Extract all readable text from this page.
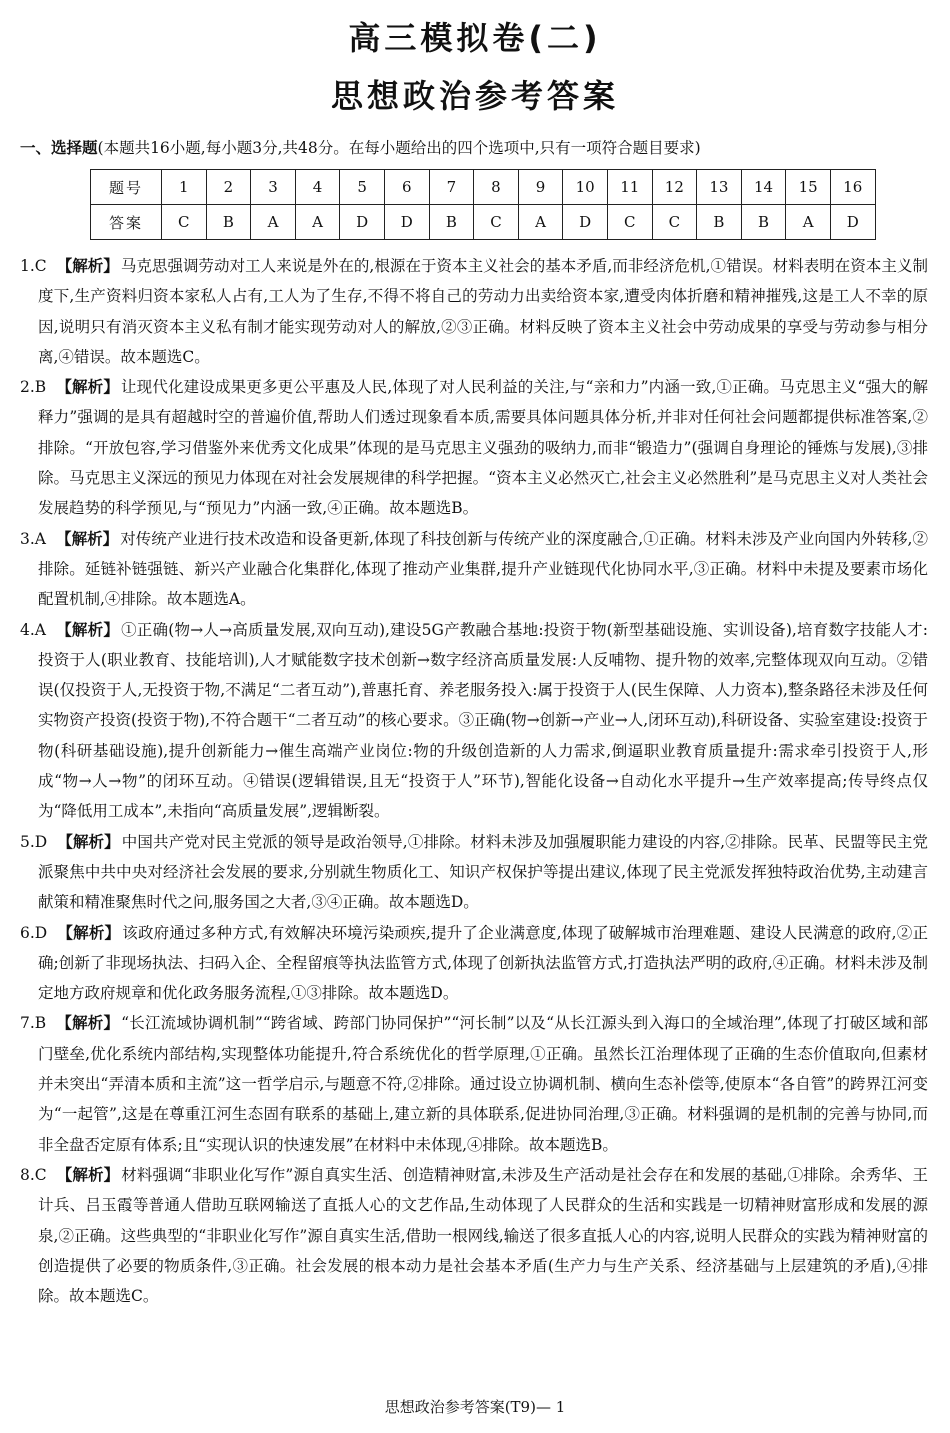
高三模拟卷(二)
思想政治参考答案
一、选择题(本题共16小题,每小题3分,共48分。在每小题给出的四个选项中,只有一项符合题目要求)
题号	1	2	3	4	5	6	7	8	9	10	11	12	13	14	15	16
答案	C	B	A	A	D	D	B	C	A	D	C	C	B	B	A	D

1.C 【解析】 马克思强调劳动对工人来说是外在的,根源在于资本主义社会的基本矛盾,而非经济危机,①错误。材料表明在资本主义制度下,生产资料归资本家私人占有,工人为了生存,不得不将自己的劳动力出卖给资本家,遭受肉体折磨和精神摧残,这是工人不幸的原因,说明只有消灭资本主义私有制才能实现劳动对人的解放,②③正确。材料反映了资本主义社会中劳动成果的享受与劳动参与相分离,④错误。故本题选C。

2.B 【解析】 让现代化建设成果更多更公平惠及人民,体现了对人民利益的关注,与“亲和力”内涵一致,①正确。马克思主义“强大的解释力”强调的是具有超越时空的普遍价值,帮助人们透过现象看本质,需要具体问题具体分析,并非对任何社会问题都提供标准答案,②排除。“开放包容,学习借鉴外来优秀文化成果”体现的是马克思主义强劲的吸纳力,而非“锻造力”(强调自身理论的锤炼与发展),③排除。马克思主义深远的预见力体现在对社会发展规律的科学把握。“资本主义必然灭亡,社会主义必然胜利”是马克思主义对人类社会发展趋势的科学预见,与“预见力”内涵一致,④正确。故本题选B。

3.A 【解析】 对传统产业进行技术改造和设备更新,体现了科技创新与传统产业的深度融合,①正确。材料未涉及产业向国内外转移,②排除。延链补链强链、新兴产业融合化集群化,体现了推动产业集群,提升产业链现代化协同水平,③正确。材料中未提及要素市场化配置机制,④排除。故本题选A。

4.A 【解析】 ①正确(物→人→高质量发展,双向互动),建设5G产教融合基地:投资于物(新型基础设施、实训设备),培育数字技能人才:投资于人(职业教育、技能培训),人才赋能数字技术创新→数字经济高质量发展:人反哺物、提升物的效率,完整体现双向互动。②错误(仅投资于人,无投资于物,不满足“二者互动”),普惠托育、养老服务投入:属于投资于人(民生保障、人力资本),整条路径未涉及任何实物资产投资(投资于物),不符合题干“二者互动”的核心要求。③正确(物→创新→产业→人,闭环互动),科研设备、实验室建设:投资于物(科研基础设施),提升创新能力→催生高端产业岗位:物的升级创造新的人力需求,倒逼职业教育质量提升:需求牵引投资于人,形成“物→人→物”的闭环互动。④错误(逻辑错误,且无“投资于人”环节),智能化设备→自动化水平提升→生产效率提高;传导终点仅为“降低用工成本”,未指向“高质量发展”,逻辑断裂。

5.D 【解析】 中国共产党对民主党派的领导是政治领导,①排除。材料未涉及加强履职能力建设的内容,②排除。民革、民盟等民主党派聚焦中共中央对经济社会发展的要求,分别就生物质化工、知识产权保护等提出建议,体现了民主党派发挥独特政治优势,主动建言献策和精准聚焦时代之问,服务国之大者,③④正确。故本题选D。

6.D 【解析】 该政府通过多种方式,有效解决环境污染顽疾,提升了企业满意度,体现了破解城市治理难题、建设人民满意的政府,②正确;创新了非现场执法、扫码入企、全程留痕等执法监管方式,体现了创新执法监管方式,打造执法严明的政府,④正确。材料未涉及制定地方政府规章和优化政务服务流程,①③排除。故本题选D。

7.B 【解析】 “长江流域协调机制”“跨省域、跨部门协同保护”“河长制”以及“从长江源头到入海口的全域治理”,体现了打破区域和部门壁垒,优化系统内部结构,实现整体功能提升,符合系统优化的哲学原理,①正确。虽然长江治理体现了正确的生态价值取向,但素材并未突出“弄清本质和主流”这一哲学启示,与题意不符,②排除。通过设立协调机制、横向生态补偿等,使原本“各自管”的跨界江河变为“一起管”,这是在尊重江河生态固有联系的基础上,建立新的具体联系,促进协同治理,③正确。材料强调的是机制的完善与协同,而非全盘否定原有体系;且“实现认识的快速发展”在材料中未体现,④排除。故本题选B。

8.C 【解析】 材料强调“非职业化写作”源自真实生活、创造精神财富,未涉及生产活动是社会存在和发展的基础,①排除。余秀华、王计兵、吕玉霞等普通人借助互联网输送了直抵人心的文艺作品,生动体现了人民群众的生活和实践是一切精神财富形成和发展的源泉,②正确。这些典型的“非职业化写作”源自真实生活,借助一根网线,输送了很多直抵人心的内容,说明人民群众的实践为精神财富的创造提供了必要的物质条件,③正确。社会发展的根本动力是社会基本矛盾(生产力与生产关系、经济基础与上层建筑的矛盾),④排除。故本题选C。

思想政治参考答案(T9)— 1
